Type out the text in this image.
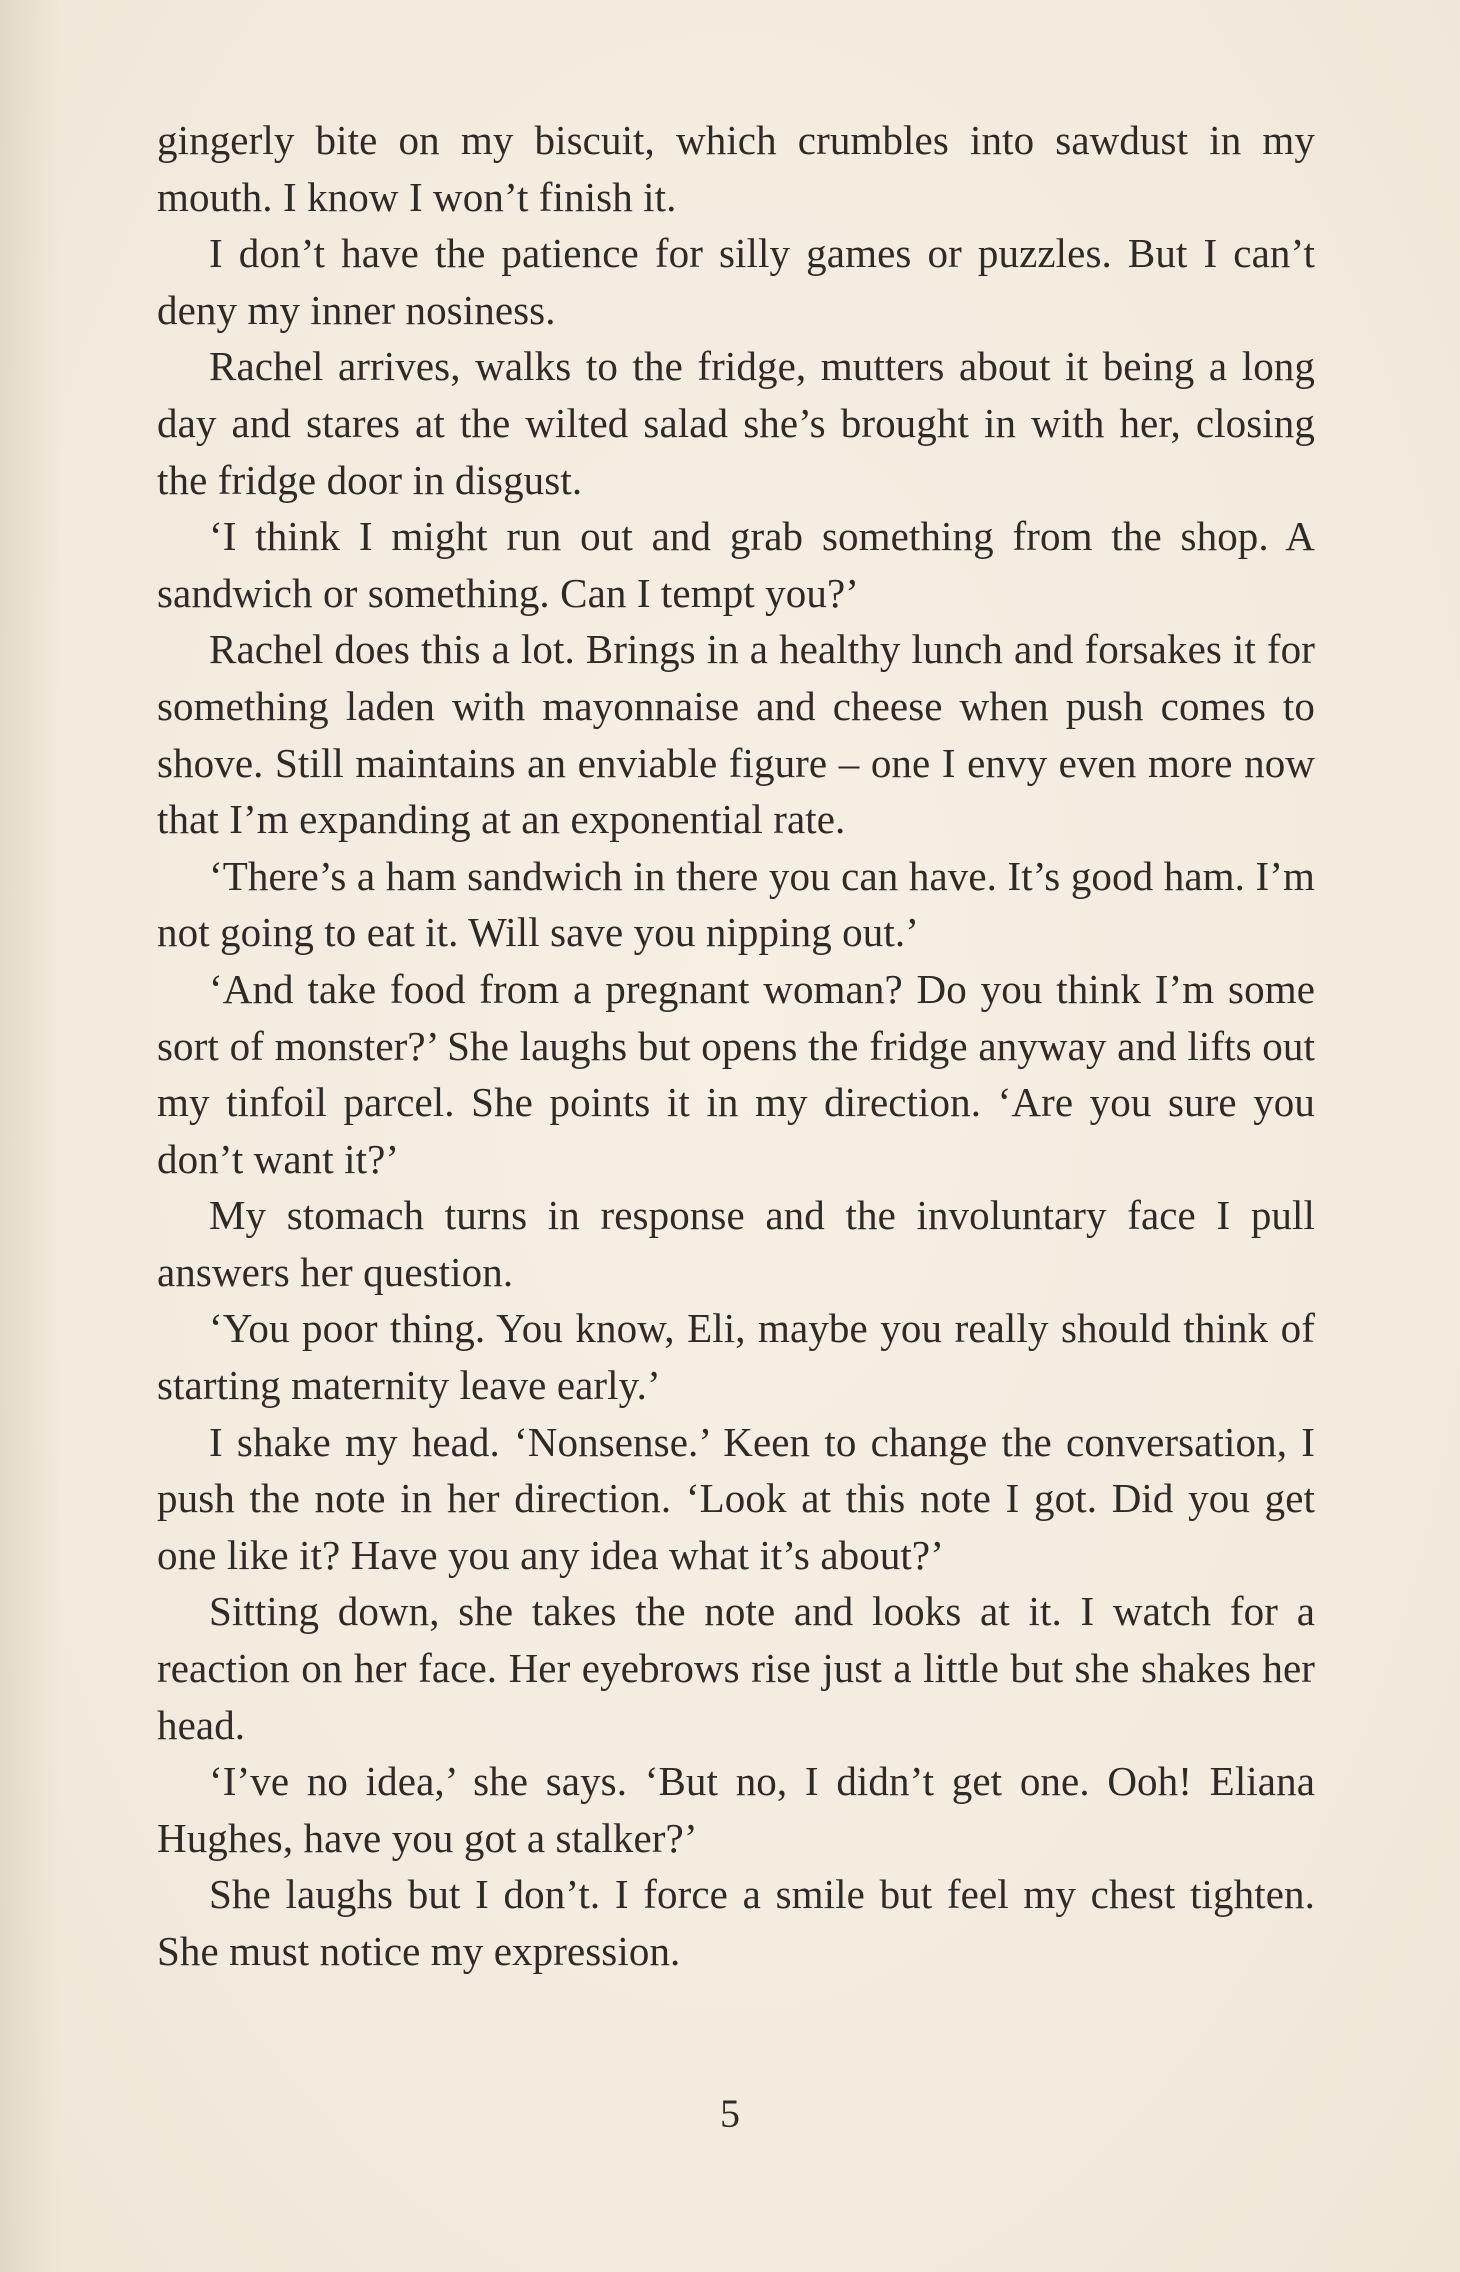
gingerly bite on my biscuit, which crumbles into sawdust in my mouth. I know I won’t finish it.

I don’t have the patience for silly games or puzzles. But I can’t deny my inner nosiness.

Rachel arrives, walks to the fridge, mutters about it being a long day and stares at the wilted salad she’s brought in with her, closing the fridge door in disgust.

‘I think I might run out and grab something from the shop. A sandwich or something. Can I tempt you?’

Rachel does this a lot. Brings in a healthy lunch and forsakes it for something laden with mayonnaise and cheese when push comes to shove. Still maintains an enviable figure – one I envy even more now that I’m expanding at an exponential rate.

‘There’s a ham sandwich in there you can have. It’s good ham. I’m not going to eat it. Will save you nipping out.’

‘And take food from a pregnant woman? Do you think I’m some sort of monster?’ She laughs but opens the fridge anyway and lifts out my tinfoil parcel. She points it in my direction. ‘Are you sure you don’t want it?’

My stomach turns in response and the involuntary face I pull answers her question.

‘You poor thing. You know, Eli, maybe you really should think of starting maternity leave early.’

I shake my head. ‘Nonsense.’ Keen to change the conversation, I push the note in her direction. ‘Look at this note I got. Did you get one like it? Have you any idea what it’s about?’

Sitting down, she takes the note and looks at it. I watch for a reaction on her face. Her eyebrows rise just a little but she shakes her head.

‘I’ve no idea,’ she says. ‘But no, I didn’t get one. Ooh! Eliana Hughes, have you got a stalker?’

She laughs but I don’t. I force a smile but feel my chest tighten. She must notice my expression.

5
